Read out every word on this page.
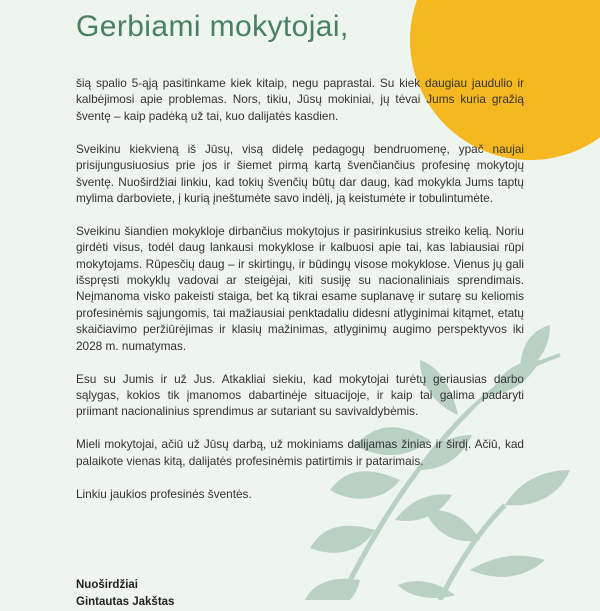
Gerbiami mokytojai,

šią spalio 5-ąją pasitinkame kiek kitaip, negu paprastai. Su kiek daugiau jaudulio ir kalbėjimosi apie problemas. Nors, tikiu, Jūsų mokiniai, jų tėvai Jums kuria gražią šventę – kaip padėką už tai, kuo dalijatės kasdien.

Sveikinu kiekvieną iš Jūsų, visą didelę pedagogų bendruomenę, ypač naujai prisijungusiuosius prie jos ir šiemet pirmą kartą švenčiančius profesinę mokytojų šventę. Nuoširdžiai linkiu, kad tokių švenčių būtų dar daug, kad mokykla Jums taptų mylima darboviete, į kurią įneštumėte savo indėlį, ją keistumėte ir tobulintumėte.

Sveikinu šiandien mokykloje dirbančius mokytojus ir pasirinkusius streiko kelią. Noriu girdėti visus, todėl daug lankausi mokyklose ir kalbuosi apie tai, kas labiausiai rūpi mokytojams. Rūpesčių daug – ir skirtingų, ir būdingų visose mokyklose. Vienus jų gali išspręsti mokyklų vadovai ar steigėjai, kiti susiję su nacionaliniais sprendimais. Neįmanoma visko pakeisti staiga, bet ką tikrai esame suplanavę ir sutarę su keliomis profesinėmis sąjungomis, tai mažiausiai penktadaliu didesni atlyginimai kitąmet, etatų skaičiavimo peržiūrėjimas ir klasių mažinimas, atlyginimų augimo perspektyvos iki 2028 m. numatymas.

Esu su Jumis ir už Jus. Atkakliai siekiu, kad mokytojai turėtų geriausias darbo sąlygas, kokios tik įmanomos dabartinėje situacijoje, ir kaip tai galima padaryti priimant nacionalinius sprendimus ar sutariant su savivaldybėmis.

Mieli mokytojai, ačiū už Jūsų darbą, už mokiniams dalijamas žinias ir širdį. Ačiū, kad palaikote vienas kitą, dalijatės profesinėmis patirtimis ir patarimais.

Linkiu jaukios profesinės šventės.

Nuoširdžiai
Gintautas Jakštas
